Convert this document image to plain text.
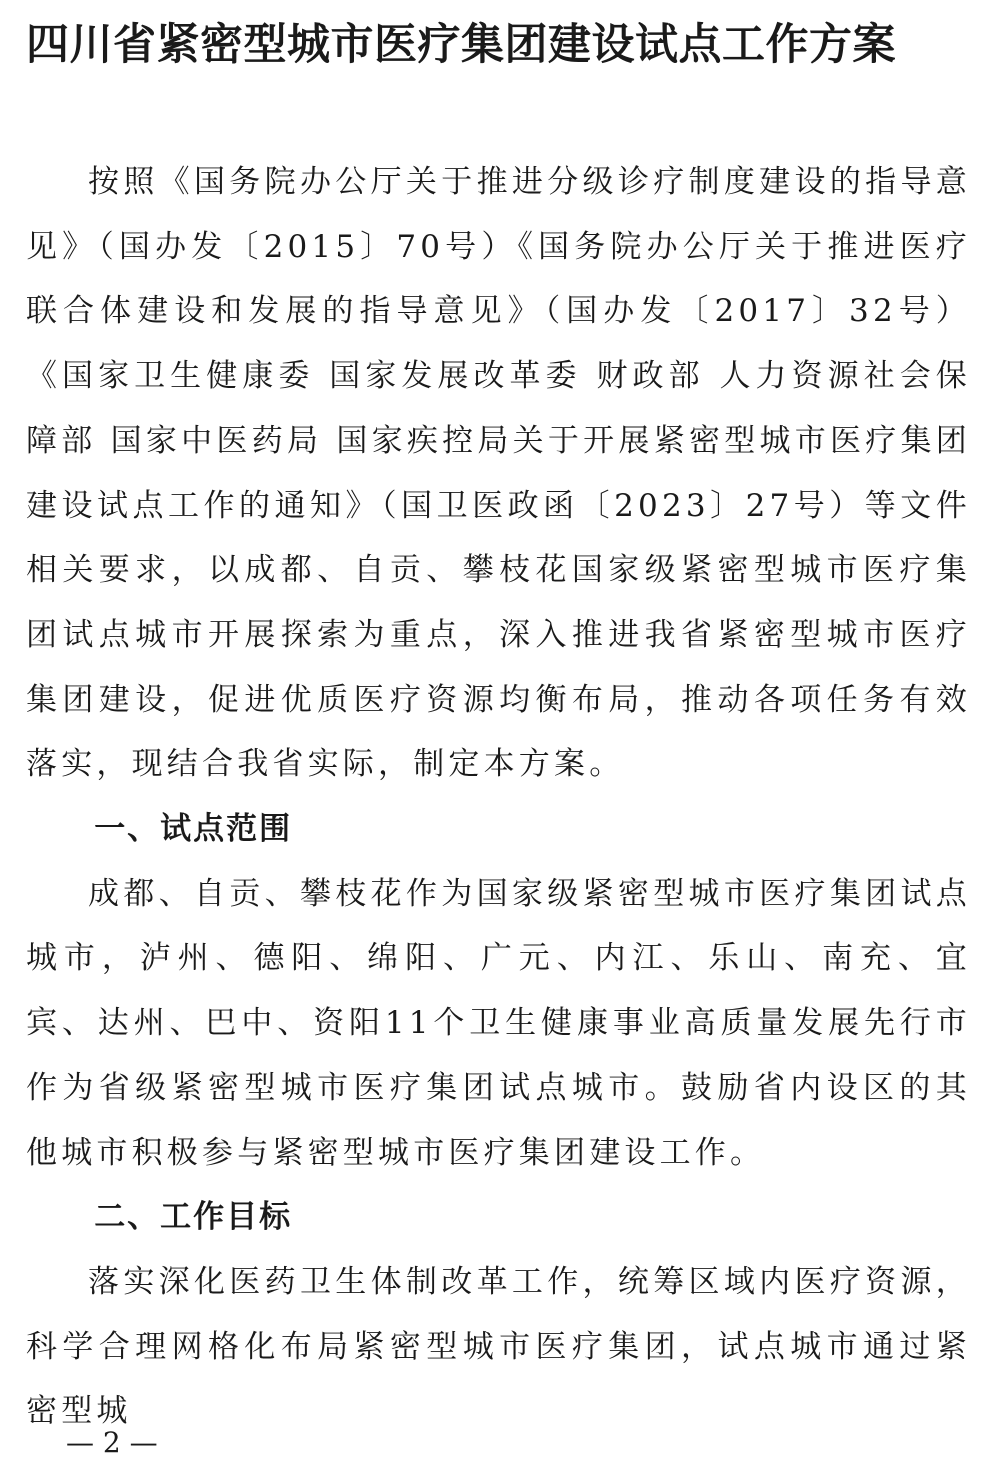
四川省紧密型城市医疗集团建设试点工作方案

按照《国务院办公厅关于推进分级诊疗制度建设的指导意见》（国办发〔2015〕70号）《国务院办公厅关于推进医疗联合体建设和发展的指导意见》（国办发〔2017〕32号）《国家卫生健康委 国家发展改革委 财政部 人力资源社会保障部 国家中医药局 国家疾控局关于开展紧密型城市医疗集团建设试点工作的通知》（国卫医政函〔2023〕27号）等文件相关要求，以成都、自贡、攀枝花国家级紧密型城市医疗集团试点城市开展探索为重点，深入推进我省紧密型城市医疗集团建设，促进优质医疗资源均衡布局，推动各项任务有效落实，现结合我省实际，制定本方案。

一、试点范围

成都、自贡、攀枝花作为国家级紧密型城市医疗集团试点城市，泸州、德阳、绵阳、广元、内江、乐山、南充、宜宾、达州、巴中、资阳11个卫生健康事业高质量发展先行市作为省级紧密型城市医疗集团试点城市。鼓励省内设区的其他城市积极参与紧密型城市医疗集团建设工作。

二、工作目标

落实深化医药卫生体制改革工作，统筹区域内医疗资源，科学合理网格化布局紧密型城市医疗集团，试点城市通过紧密型城

— 2 —
